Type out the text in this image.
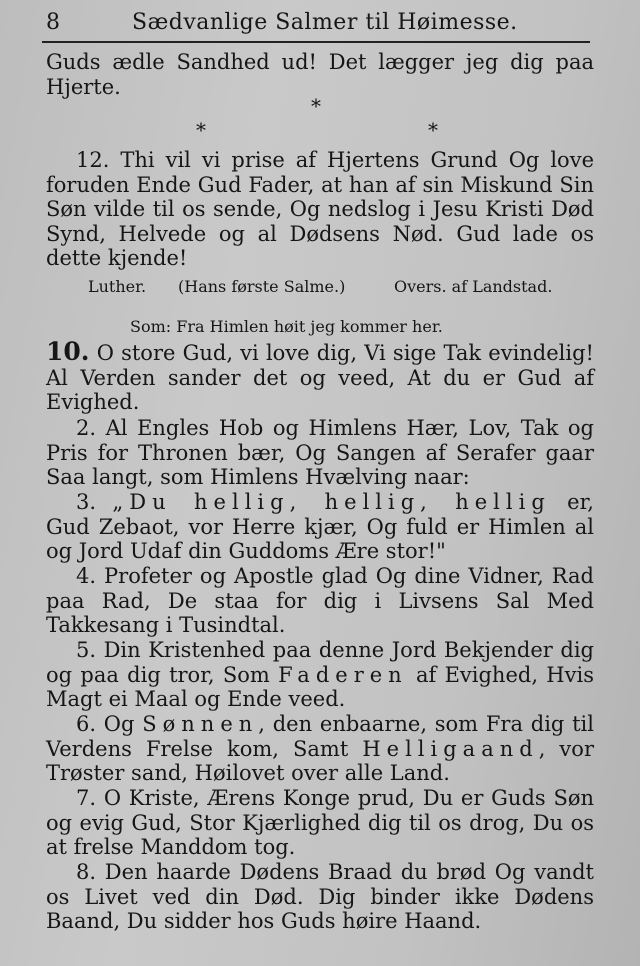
8	Sædvanlige Salmer til Høimesse.

Guds ædle Sandhed ud! Det lægger jeg dig paa Hjerte.

*
*	*

12. Thi vil vi prise af Hjertens Grund Og love foruden Ende Gud Fader, at han af sin Miskund Sin Søn vilde til os sende, Og nedslog i Jesu Kristi Død Synd, Helvede og al Dødsens Nød. Gud lade os dette kjende!

Luther. (Hans første Salme.)	Overs. af Landstad.
Som: Fra Himlen høit jeg kommer her.

10. O store Gud, vi love dig, Vi sige Tak evindelig! Al Verden sander det og veed, At du er Gud af Evighed.

2. Al Engles Hob og Himlens Hær, Lov, Tak og Pris for Thronen bær, Og Sangen af Serafer gaar Saa langt, som Himlens Hvælving naar:

3. „Du hellig, hellig, hellig er, Gud Zebaot, vor Herre kjær, Og fuld er Himlen al og Jord Udaf din Guddoms Ære stor!"

4. Profeter og Apostle glad Og dine Vidner, Rad paa Rad, De staa for dig i Livsens Sal Med Takkesang i Tusindtal.

5. Din Kristenhed paa denne Jord Bekjender dig og paa dig tror, Som Faderen af Evighed, Hvis Magt ei Maal og Ende veed.

6. Og Sønnen, den enbaarne, som Fra dig til Verdens Frelse kom, Samt Helligaand, vor Trøster sand, Høilovet over alle Land.

7. O Kriste, Ærens Konge prud, Du er Guds Søn og evig Gud, Stor Kjærlighed dig til os drog, Du os at frelse Manddom tog.

8. Den haarde Dødens Braad du brød Og vandt os Livet ved din Død. Dig binder ikke Dødens Baand, Du sidder hos Guds høire Haand.
